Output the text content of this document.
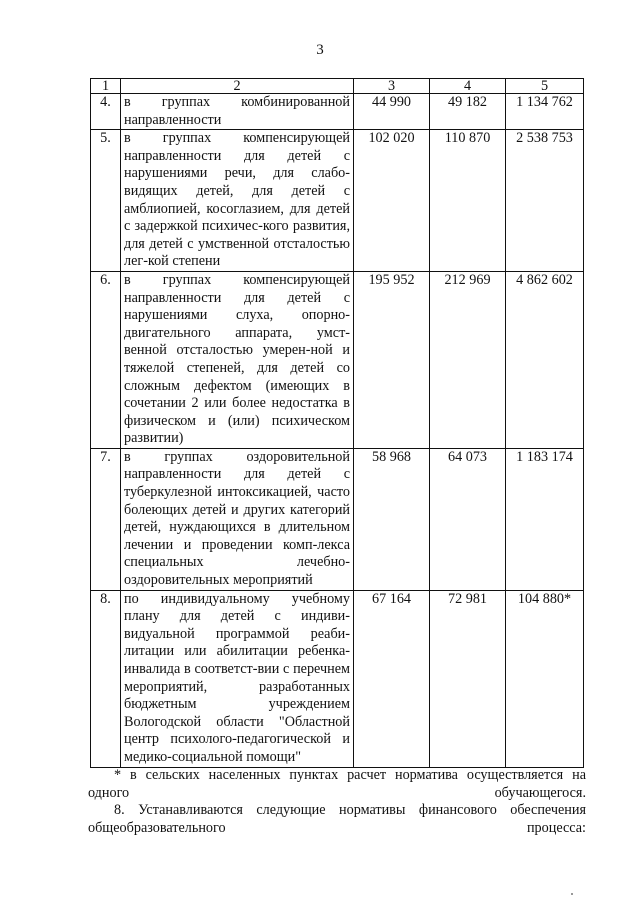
3
1	2	3	4	5
4.	в группах комбинированной направленности	44 990	49 182	1 134 762
5.	в группах компенсирующей направленности для детей с нарушениями речи, для слабо-видящих детей, для детей с амблиопией, косоглазием, для детей с задержкой психичес-кого развития, для детей с умственной отсталостью лег-кой степени	102 020	110 870	2 538 753
6.	в группах компенсирующей направленности для детей с нарушениями слуха, опорно-двигательного аппарата, умст-венной отсталостью умерен-ной и тяжелой степеней, для детей со сложным дефектом (имеющих в сочетании 2 или более недостатка в физическом и (или) психическом развитии)	195 952	212 969	4 862 602
7.	в группах оздоровительной направленности для детей с туберкулезной интоксикацией, часто болеющих детей и других категорий детей, нуждающихся в длительном лечении и проведении комп-лекса специальных лечебно-оздоровительных мероприятий	58 968	64 073	1 183 174
8.	по индивидуальному учебному плану для детей с индиви-видуальной программой реаби-литации или абилитации ребенка-инвалида в соответст-вии с перечнем мероприятий, разработанных бюджетным учреждением Вологодской области "Областной центр психолого-педагогической и медико-социальной помощи"	67 164	72 981	104 880*

* в сельских населенных пунктах расчет норматива осуществляется на одного обучающегося.

8. Устанавливаются следующие нормативы финансового обеспечения общеобразовательного процесса:
